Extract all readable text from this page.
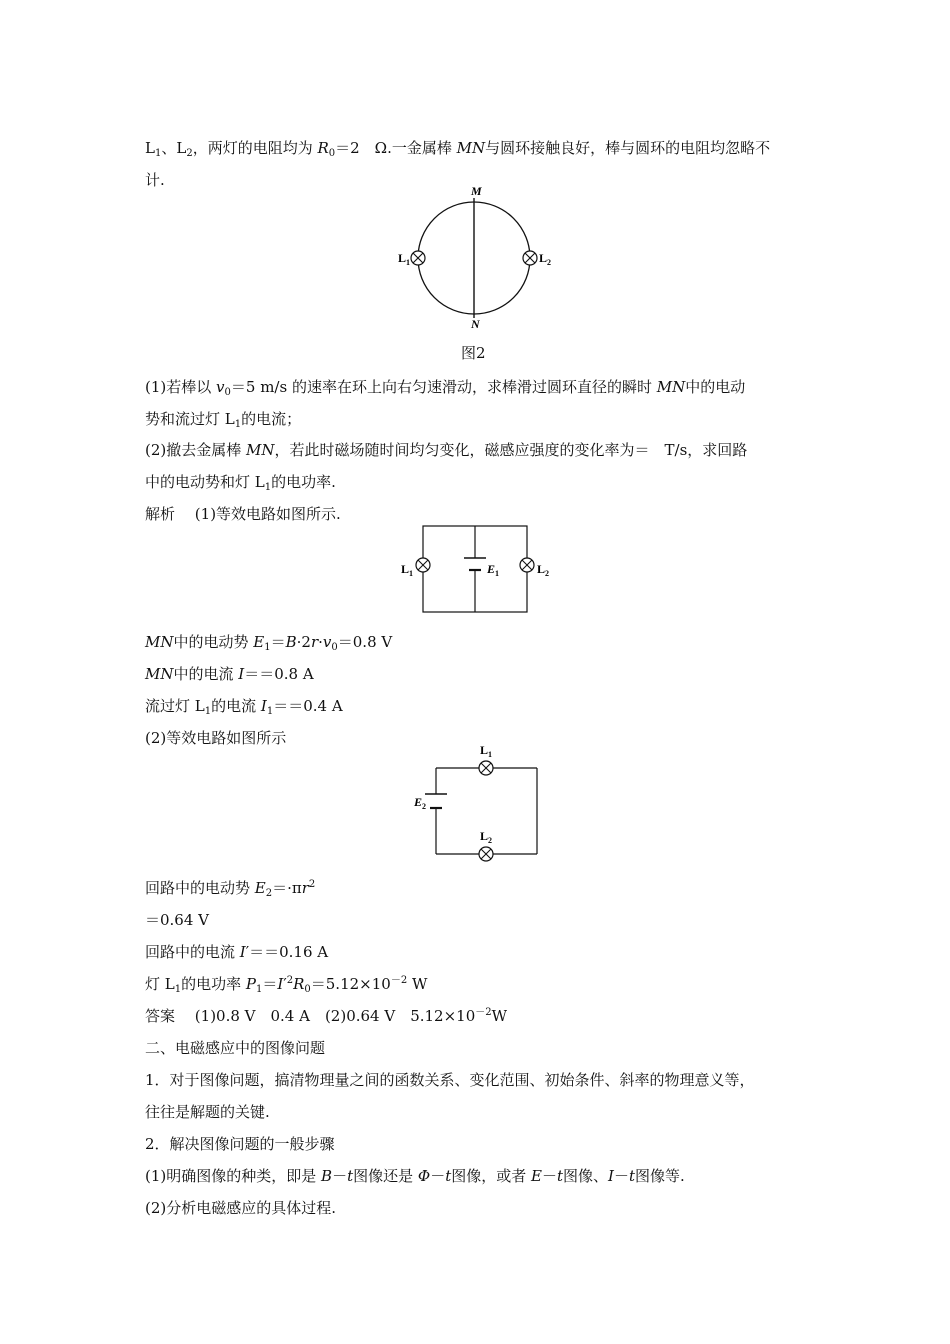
$L_1$、$L_2$，两灯的电阻均为 $R_0=2$　Ω.一金属棒 MN与圆环接触良好，棒与圆环的电阻均忽略不
计.
M
N
$L_1$	$L_2$
图2
(1)若棒以 $v_0=5$ m/s 的速率在环上向右匀速滑动，求棒滑过圆环直径的瞬时 MN中的电动
势和流过灯 $L_1$的电流；
(2)撤去金属棒 MN，若此时磁场随时间均匀变化，磁感应强度的变化率为＝　T/s，求回路
中的电动势和灯 $L_1$的电功率.
解析　 (1)等效电路如图所示.
$L_1$	$E_1$	$L_2$
MN中的电动势 $E_1=B\cdot 2r\cdot v_0=0.8$ V
MN中的电流 I＝＝0.8 A
流过灯 $L_1$的电流 $I_1==0.4$ A
(2)等效电路如图所示
$L_1$
$E_2$
$L_2$
回路中的电动势 $E_2=\cdot\pi r^2$
＝0.64 V
回路中的电流 I′＝＝0.16 A
灯 $L_1$的电功率 $P_1=I'^2R_0=5.12\times 10^{-2}$ W
答案　 (1)0.8 V　0.4 A　(2)0.64 V　$5.12\times 10^{-2}W$
二、电磁感应中的图像问题
1．对于图像问题，搞清物理量之间的函数关系、变化范围、初始条件、斜率的物理意义等，
往往是解题的关键.
2．解决图像问题的一般步骤
(1)明确图像的种类，即是 B－t图像还是 Φ－t图像，或者 E－t图像、I－t图像等.
(2)分析电磁感应的具体过程.
